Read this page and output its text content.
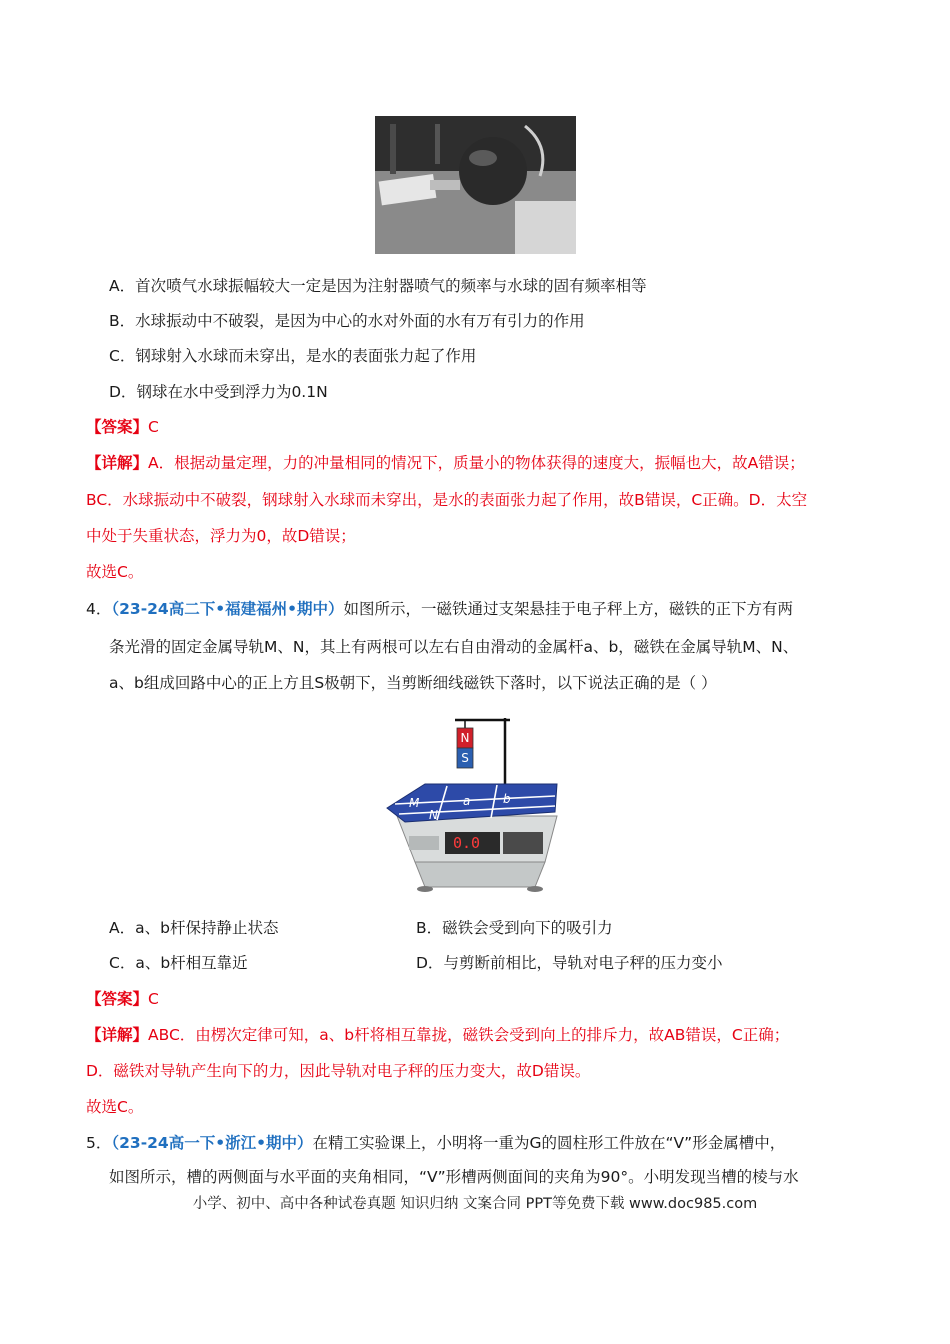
A．首次喷气水球振幅较大一定是因为注射器喷气的频率与水球的固有频率相等
B．水球振动中不破裂，是因为中心的水对外面的水有万有引力的作用
C．钢球射入水球而未穿出，是水的表面张力起了作用
D．钢球在水中受到浮力为0.1N
【答案】C
【详解】A．根据动量定理，力的冲量相同的情况下，质量小的物体获得的速度大，振幅也大，故A错误；
BC．水球振动中不破裂，钢球射入水球而未穿出，是水的表面张力起了作用，故B错误，C正确。D．太空
中处于失重状态，浮力为0，故D错误；
故选C。
4．（23-24高二下•福建福州•期中）如图所示，一磁铁通过支架悬挂于电子秤上方，磁铁的正下方有两
条光滑的固定金属导轨M、N，其上有两根可以左右自由滑动的金属杆a、b，磁铁在金属导轨M、N、
a、b组成回路中心的正上方且S极朝下，当剪断细线磁铁下落时，以下说法正确的是（ ）
N
S
M
N
a	b
0.0
A．a、b杆保持静止状态	B．磁铁会受到向下的吸引力
C．a、b杆相互靠近	D．与剪断前相比，导轨对电子秤的压力变小
【答案】C
【详解】ABC．由楞次定律可知，a、b杆将相互靠拢，磁铁会受到向上的排斥力，故AB错误，C正确；
D．磁铁对导轨产生向下的力，因此导轨对电子秤的压力变大，故D错误。
故选C。
5．（23-24高一下•浙江•期中）在精工实验课上，小明将一重为G的圆柱形工件放在“V”形金属槽中，
如图所示，槽的两侧面与水平面的夹角相同，“V”形槽两侧面间的夹角为90°。小明发现当槽的棱与水
小学、初中、高中各种试卷真题 知识归纳 文案合同 PPT等免费下载 www.doc985.com
